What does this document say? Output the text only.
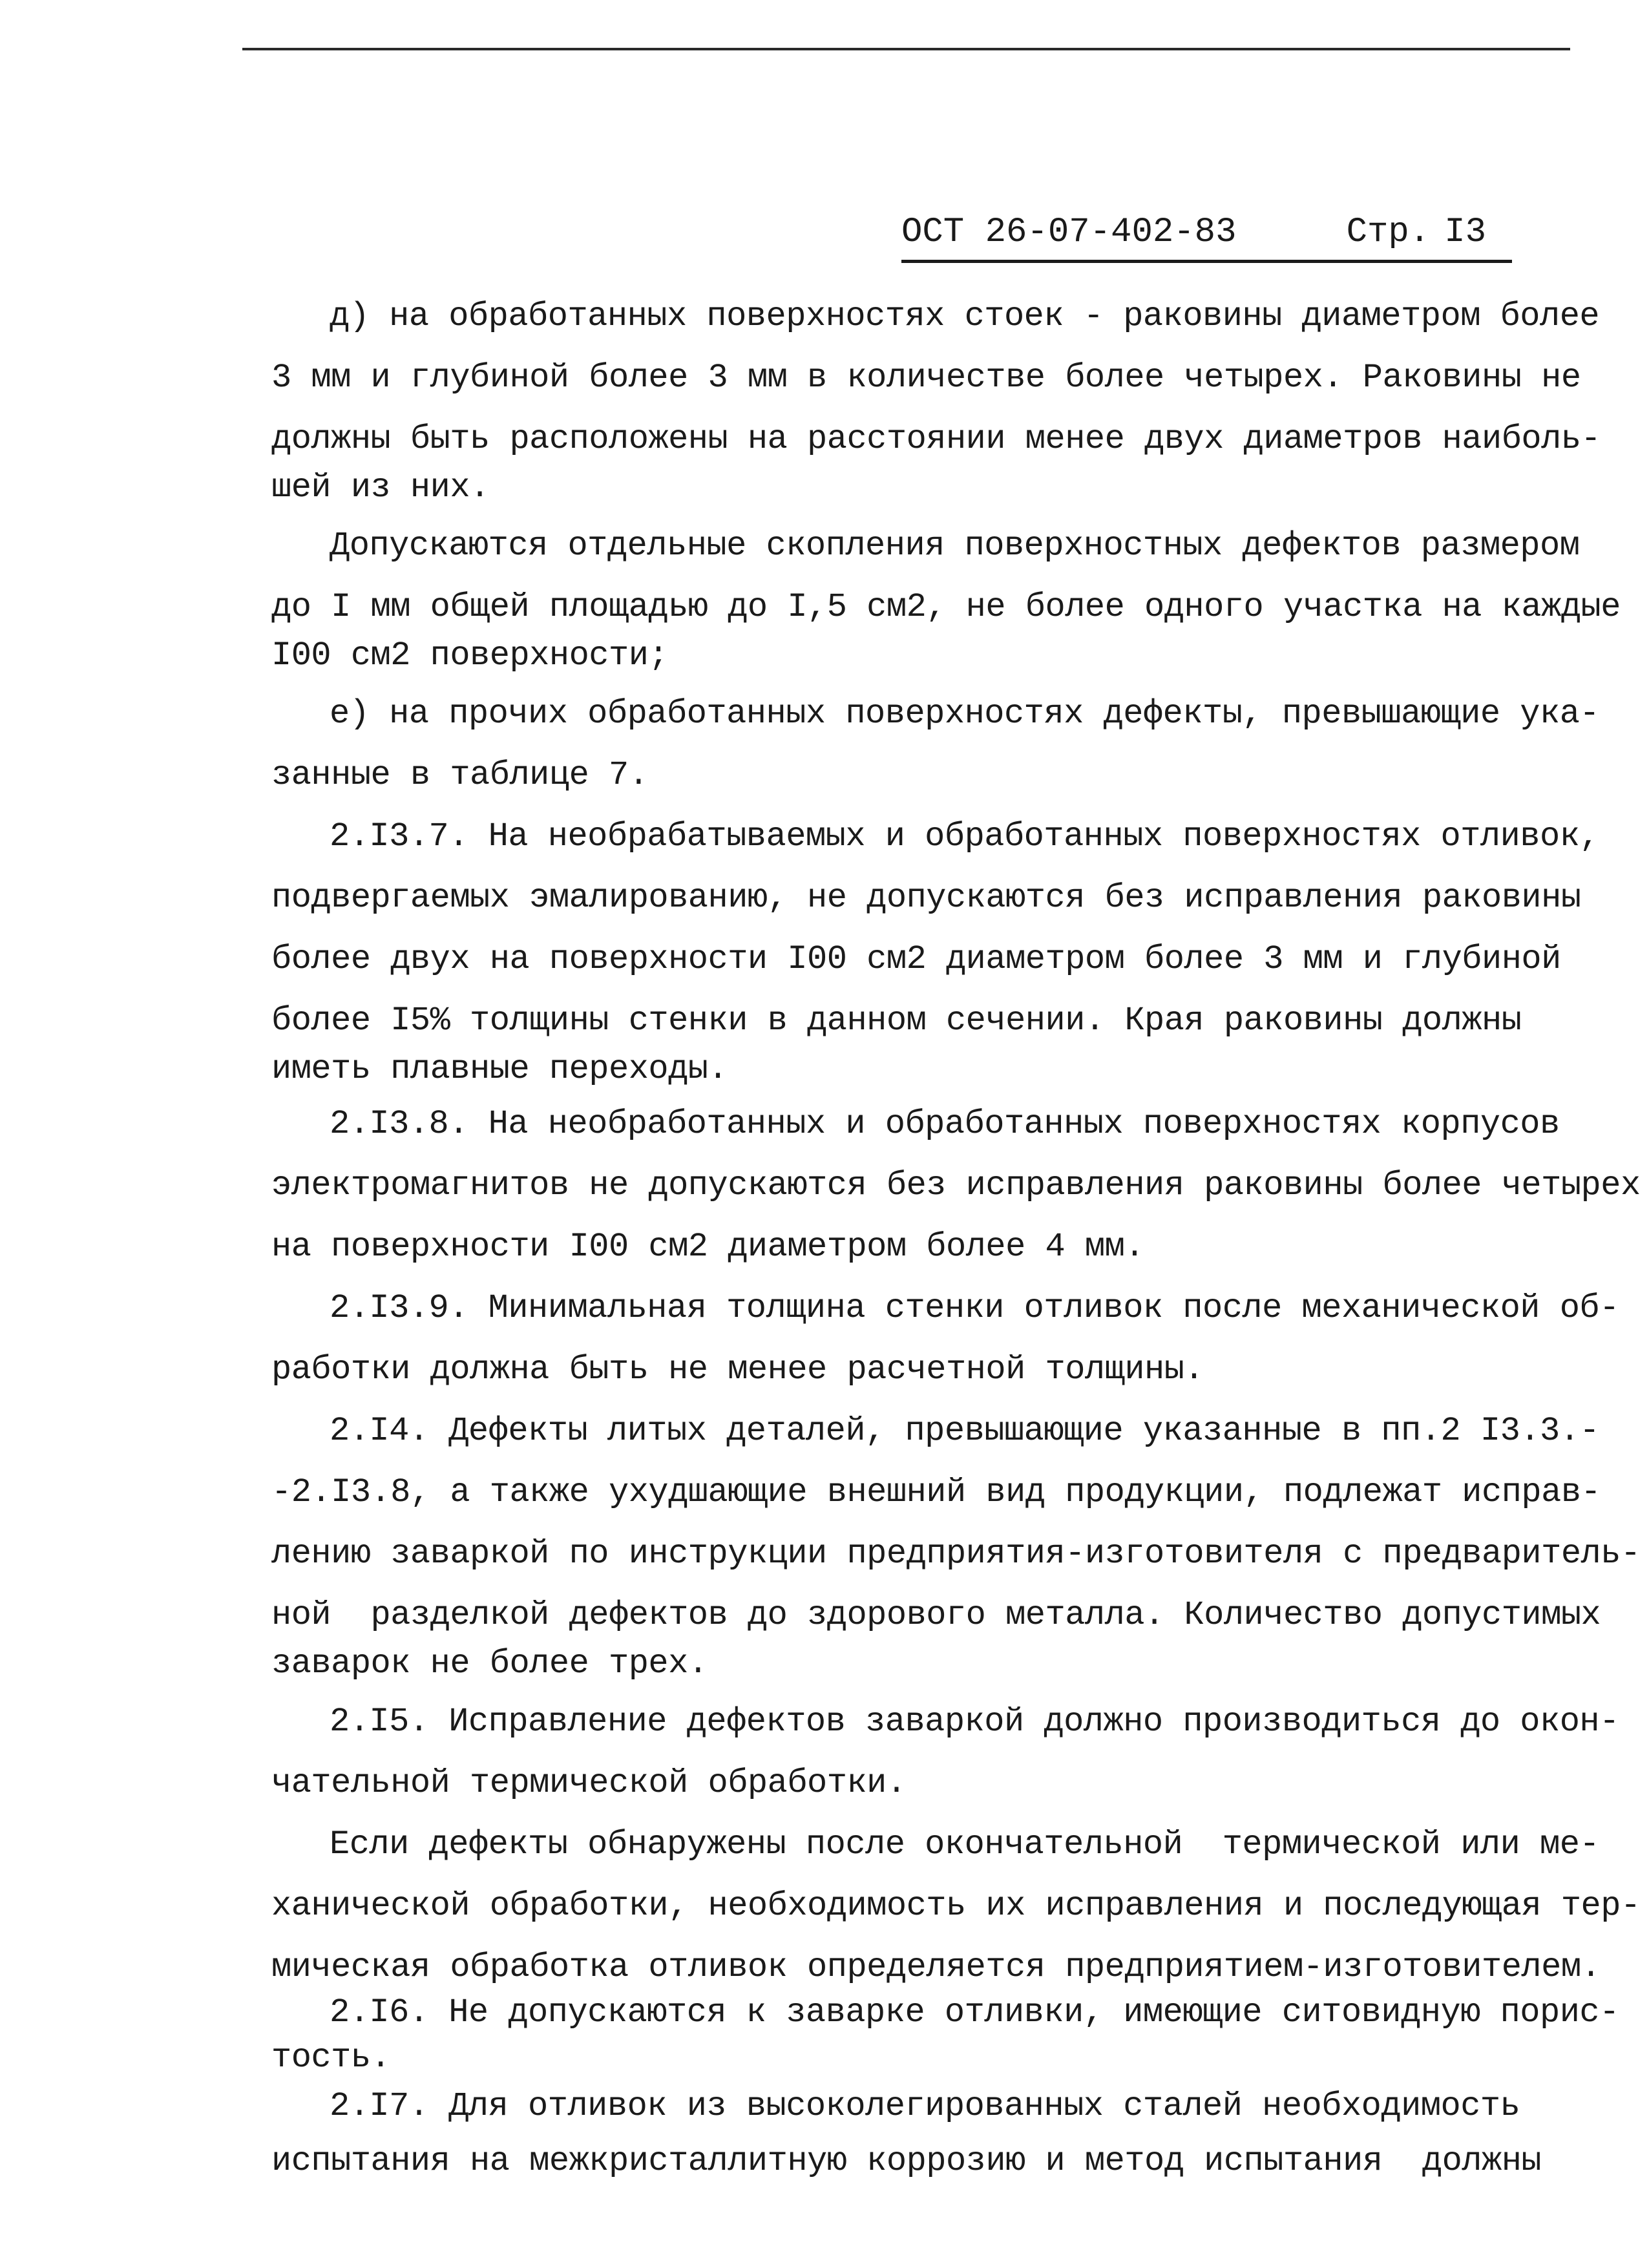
ОСТ 26-07-402-83	Стр. I3
д) на обработанных поверхностях стоек - раковины диаметром более
3 мм и глубиной более 3 мм в количестве более четырех. Раковины не
должны быть расположены на расстоянии менее двух диаметров наиболь-
шей из них.
Допускаются отдельные скопления поверхностных дефектов размером
до I мм общей площадью до I,5 см2, не более одного участка на каждые
I00 см2 поверхности;
е) на прочих обработанных поверхностях дефекты, превышающие ука-
занные в таблице 7.
2.I3.7. На необрабатываемых и обработанных поверхностях отливок,
подвергаемых эмалированию, не допускаются без исправления раковины
более двух на поверхности I00 см2 диаметром более 3 мм и глубиной
более I5% толщины стенки в данном сечении. Края раковины должны
иметь плавные переходы.
2.I3.8. На необработанных и обработанных поверхностях корпусов
электромагнитов не допускаются без исправления раковины более четырех
на поверхности I00 см2 диаметром более 4 мм.
2.I3.9. Минимальная толщина стенки отливок после механической об-
работки должна быть не менее расчетной толщины.
2.I4. Дефекты литых деталей, превышающие указанные в пп.2 I3.3.-
-2.I3.8, а также ухудшающие внешний вид продукции, подлежат исправ-
лению заваркой по инструкции предприятия-изготовителя с предваритель-
ной  разделкой дефектов до здорового металла. Количество допустимых
заварок не более трех.
2.I5. Исправление дефектов заваркой должно производиться до окон-
чательной термической обработки.
Если дефекты обнаружены после окончательной  термической или ме-
ханической обработки, необходимость их исправления и последующая тер-
мическая обработка отливок определяется предприятием-изготовителем.
2.I6. Не допускаются к заварке отливки, имеющие ситовидную порис-
тость.
2.I7. Для отливок из высоколегированных сталей необходимость
испытания на межкристаллитную коррозию и метод испытания  должны
